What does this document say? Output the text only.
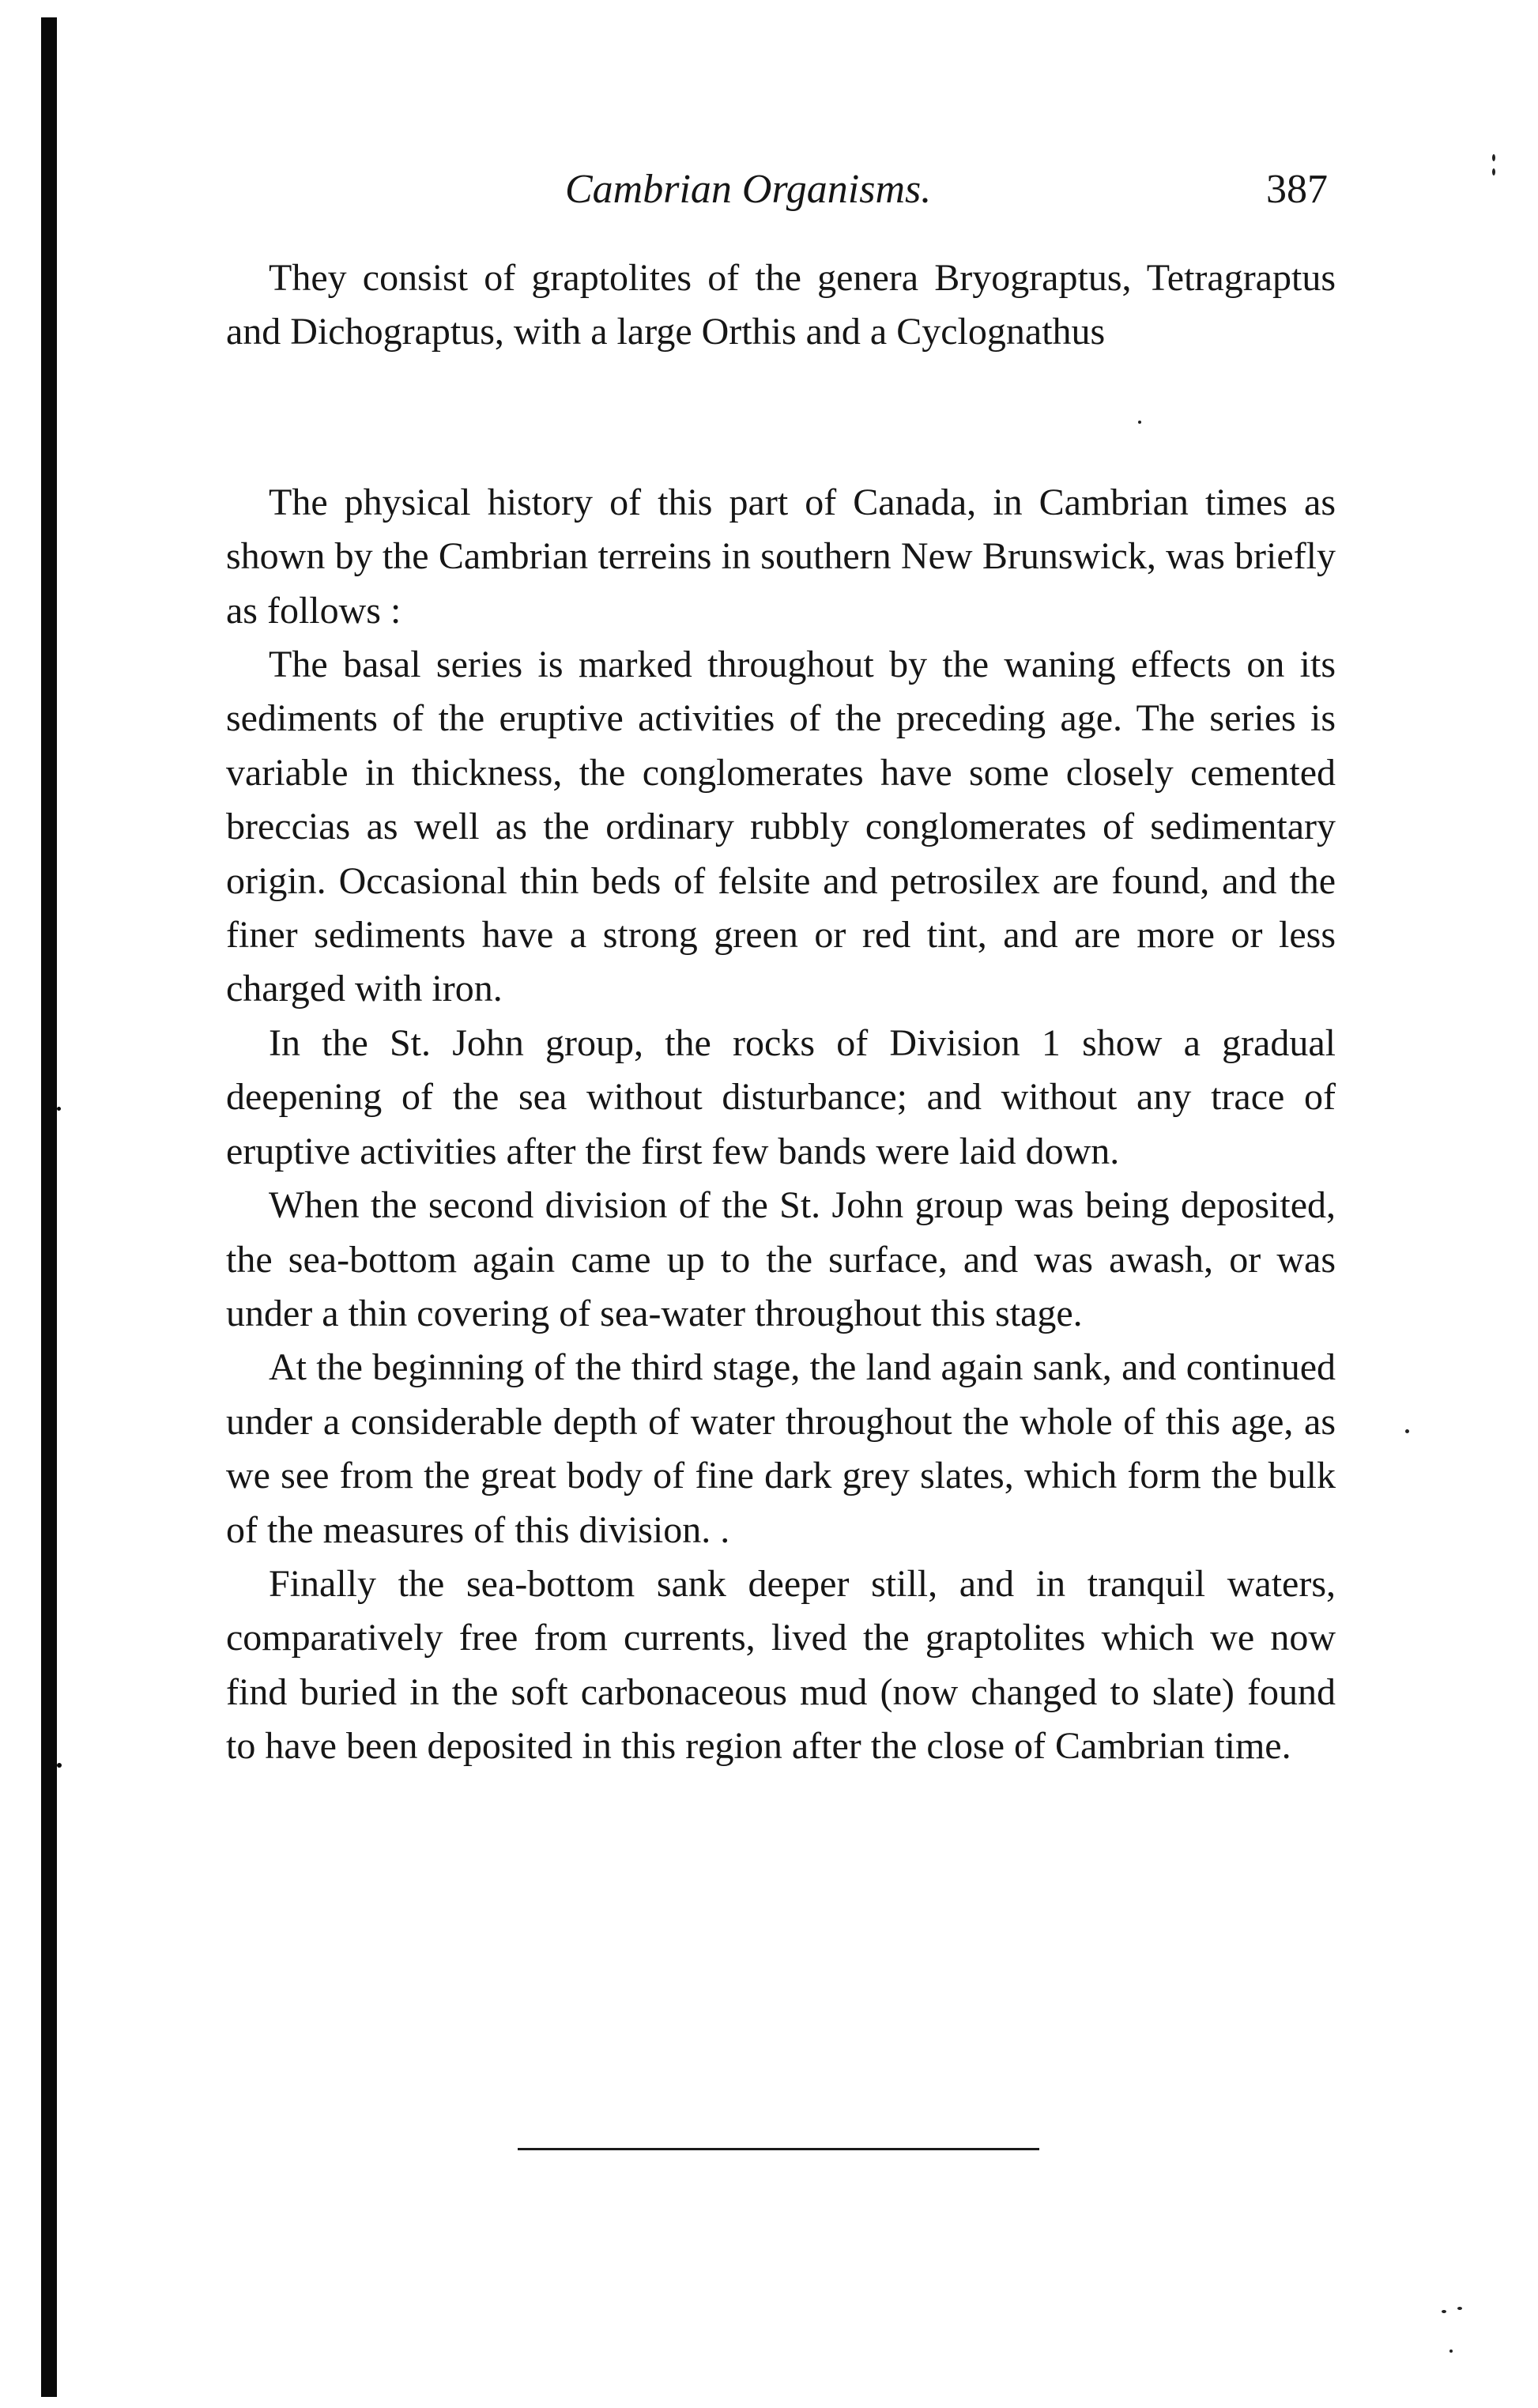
Cambrian Organisms.	387

They consist of graptolites of the genera Bryograptus, Tetragraptus and Dichograptus, with a large Orthis and a Cyclognathus

The physical history of this part of Canada, in Cambrian times as shown by the Cambrian terreins in southern New Brunswick, was briefly as follows :

The basal series is marked throughout by the waning effects on its sediments of the eruptive activities of the preceding age. The series is variable in thickness, the conglomerates have some closely cemented breccias as well as the ordinary rubbly conglomerates of sedimentary origin. Occasional thin beds of felsite and petrosilex are found, and the finer sediments have a strong green or red tint, and are more or less charged with iron.

In the St. John group, the rocks of Division 1 show a gradual deepening of the sea without disturbance; and without any trace of eruptive activities after the first few bands were laid down.

When the second division of the St. John group was being deposited, the sea-bottom again came up to the surface, and was awash, or was under a thin covering of sea-water throughout this stage.

At the beginning of the third stage, the land again sank, and continued under a considerable depth of water throughout the whole of this age, as we see from the great body of fine dark grey slates, which form the bulk of the measures of this division. .

Finally the sea-bottom sank deeper still, and in tranquil waters, comparatively free from currents, lived the graptolites which we now find buried in the soft carbonaceous mud (now changed to slate) found to have been deposited in this region after the close of Cambrian time.
